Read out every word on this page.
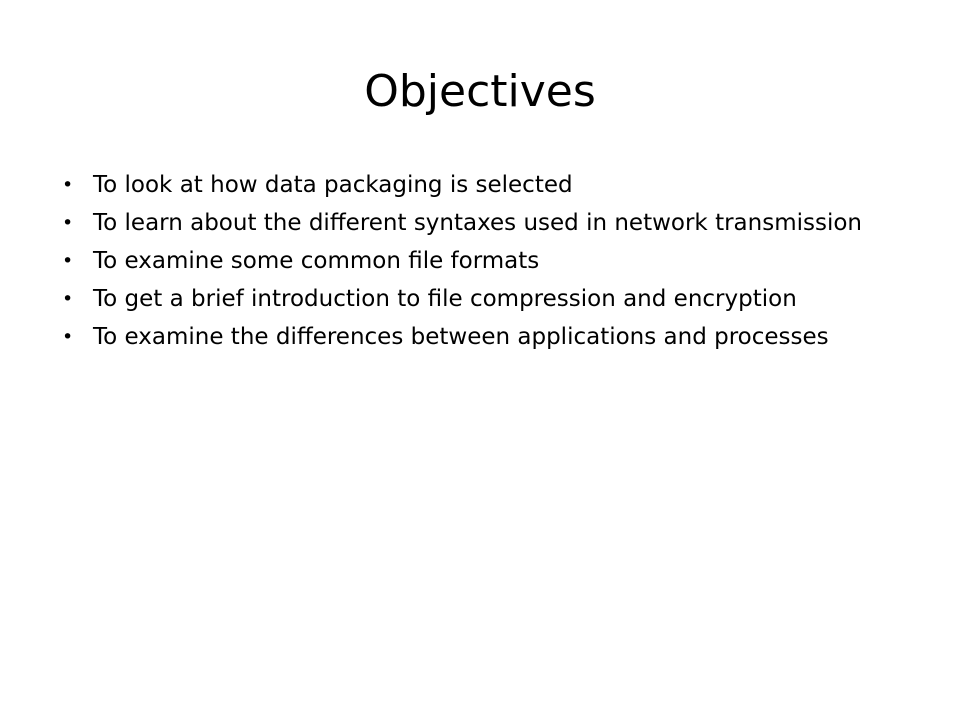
Objectives
• To look at how data packaging is selected
• To learn about the different syntaxes used in network transmission
• To examine some common file formats
• To get a brief introduction to file compression and encryption
• To examine the differences between applications and processes
